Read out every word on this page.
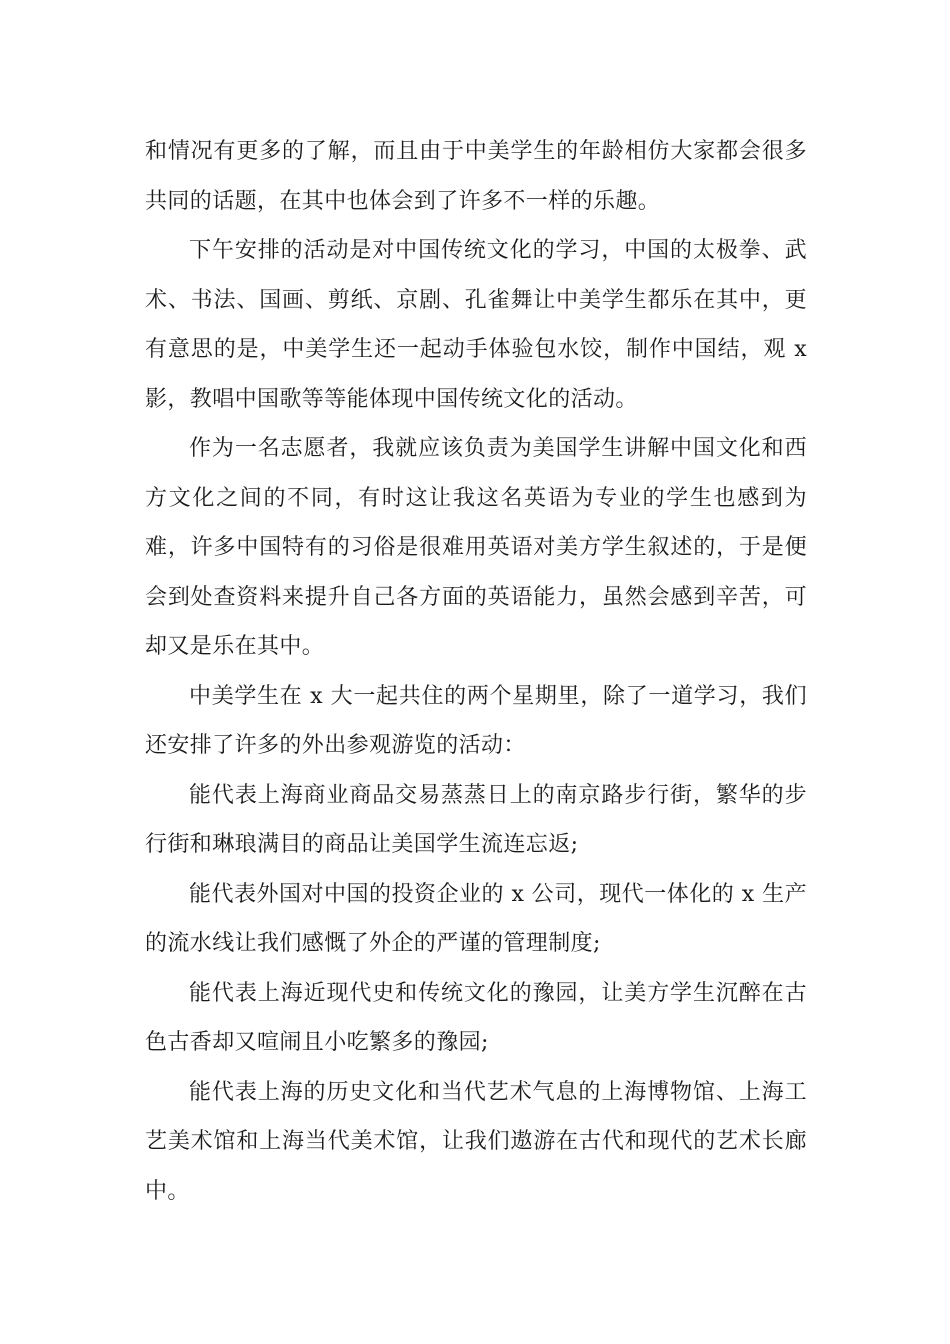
和情况有更多的了解，而且由于中美学生的年龄相仿大家都会很多共同的话题，在其中也体会到了许多不一样的乐趣。

下午安排的活动是对中国传统文化的学习，中国的太极拳、武术、书法、国画、剪纸、京剧、孔雀舞让中美学生都乐在其中，更有意思的是，中美学生还一起动手体验包水饺，制作中国结，观 x 影，教唱中国歌等等能体现中国传统文化的活动。

作为一名志愿者，我就应该负责为美国学生讲解中国文化和西方文化之间的不同，有时这让我这名英语为专业的学生也感到为难，许多中国特有的习俗是很难用英语对美方学生叙述的，于是便会到处查资料来提升自己各方面的英语能力，虽然会感到辛苦，可却又是乐在其中。

中美学生在 x 大一起共住的两个星期里，除了一道学习，我们还安排了许多的外出参观游览的活动：

能代表上海商业商品交易蒸蒸日上的南京路步行街，繁华的步行街和琳琅满目的商品让美国学生流连忘返;

能代表外国对中国的投资企业的 x 公司，现代一体化的 x 生产的流水线让我们感慨了外企的严谨的管理制度;

能代表上海近现代史和传统文化的豫园，让美方学生沉醉在古色古香却又喧闹且小吃繁多的豫园;

能代表上海的历史文化和当代艺术气息的上海博物馆、上海工艺美术馆和上海当代美术馆，让我们遨游在古代和现代的艺术长廊中。
